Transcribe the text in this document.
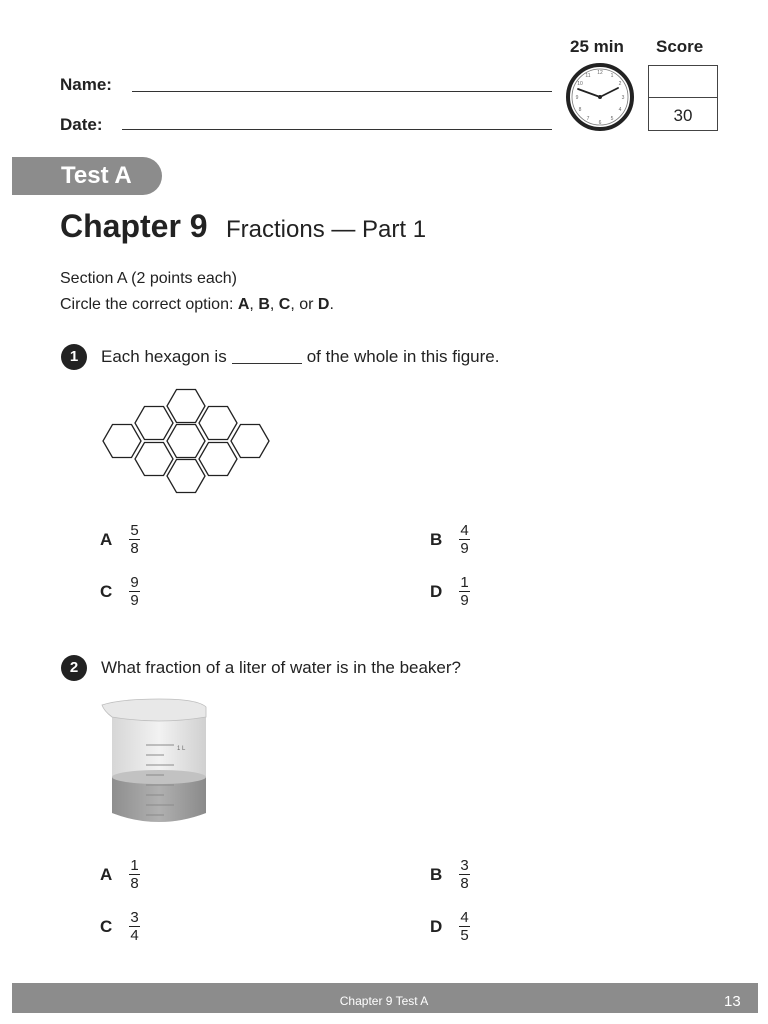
Name:
Date:
25 min
12 1
2
3
4
5
6
7
8
9
10
11
Score
30
Test A
Chapter 9 Fractions — Part 1
Section A (2 points each)
Circle the correct option: A, B, C, or D.
1	Each hexagon is	of the whole in this figure.
A	$\frac{5}{8}$	B	$\frac{4}{9}$
C	$\frac{9}{9}$	D	$\frac{1}{9}$
2	What fraction of a liter of water is in the beaker?
1 L
A	$\frac{1}{8}$	B	$\frac{3}{8}$
C	$\frac{3}{4}$	D	$\frac{4}{5}$
Chapter 9 Test A	13
